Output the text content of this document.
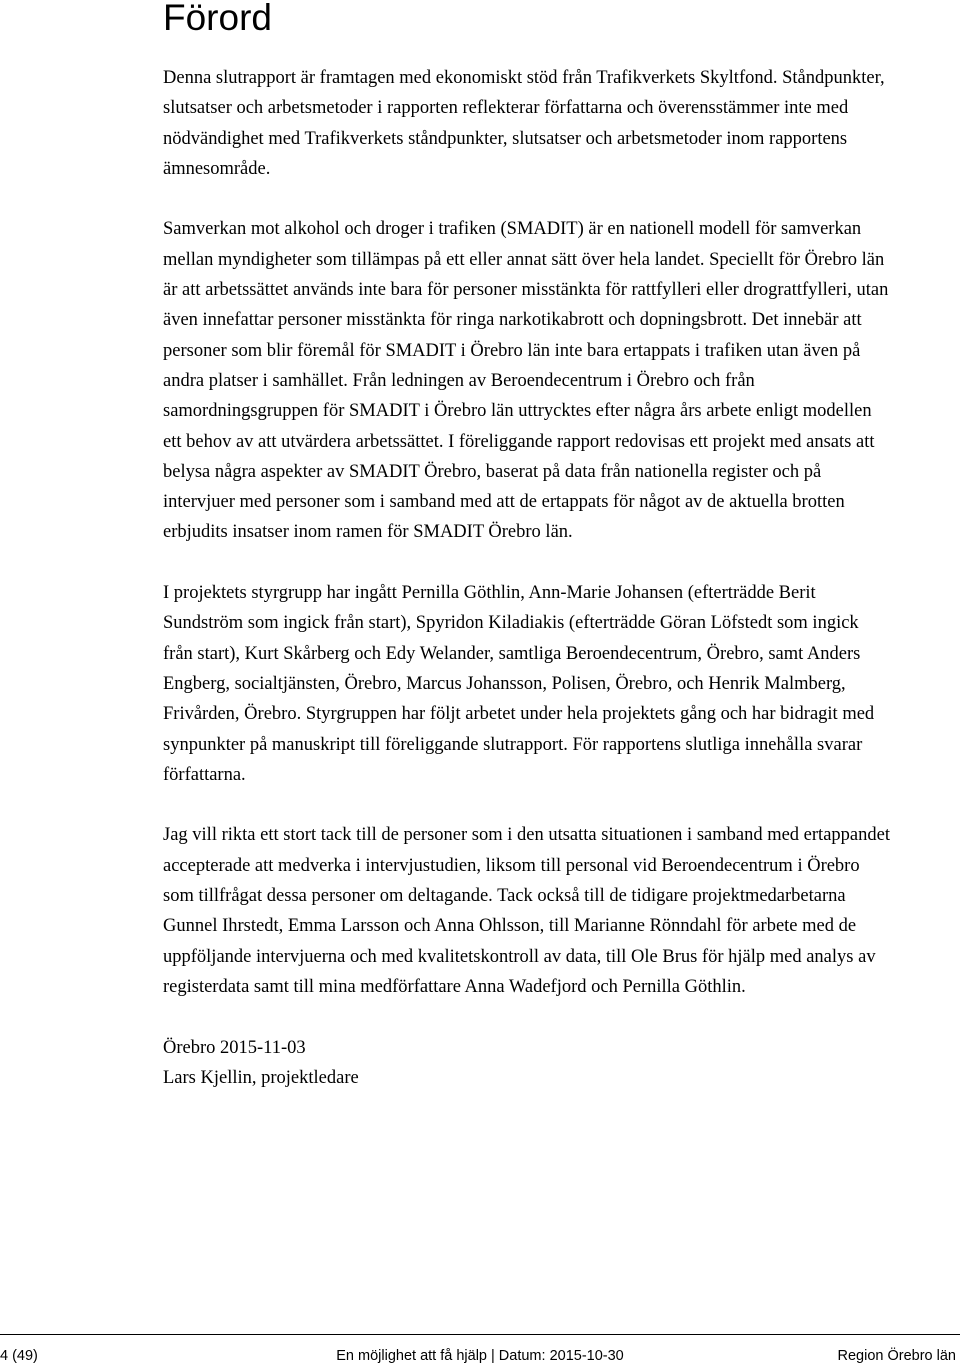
Förord

Denna slutrapport är framtagen med ekonomiskt stöd från Trafikverkets Skyltfond. Ståndpunkter, slutsatser och arbetsmetoder i rapporten reflekterar författarna och överensstämmer inte med nödvändighet med Trafikverkets ståndpunkter, slutsatser och arbetsmetoder inom rapportens ämnesområde.

Samverkan mot alkohol och droger i trafiken (SMADIT) är en nationell modell för samverkan mellan myndigheter som tillämpas på ett eller annat sätt över hela landet. Speciellt för Örebro län är att arbetssättet används inte bara för personer misstänkta för rattfylleri eller drograttfylleri, utan även innefattar personer misstänkta för ringa narkotikabrott och dopningsbrott. Det innebär att personer som blir föremål för SMADIT i Örebro län inte bara ertappats i trafiken utan även på andra platser i samhället. Från ledningen av Beroendecentrum i Örebro och från samordningsgruppen för SMADIT i Örebro län uttrycktes efter några års arbete enligt modellen ett behov av att utvärdera arbetssättet. I föreliggande rapport redovisas ett projekt med ansats att belysa några aspekter av SMADIT Örebro, baserat på data från nationella register och på intervjuer med personer som i samband med att de ertappats för något av de aktuella brotten erbjudits insatser inom ramen för SMADIT Örebro län.

I projektets styrgrupp har ingått Pernilla Göthlin, Ann-Marie Johansen (efterträdde Berit Sundström som ingick från start), Spyridon Kiladiakis (efterträdde Göran Löfstedt som ingick från start), Kurt Skårberg och Edy Welander, samtliga Beroendecentrum, Örebro, samt Anders Engberg, socialtjänsten, Örebro, Marcus Johansson, Polisen, Örebro, och Henrik Malmberg, Frivården, Örebro. Styrgruppen har följt arbetet under hela projektets gång och har bidragit med synpunkter på manuskript till föreliggande slutrapport. För rapportens slutliga innehålla svarar författarna.

Jag vill rikta ett stort tack till de personer som i den utsatta situationen i samband med ertappandet accepterade att medverka i intervjustudien, liksom till personal vid Beroendecentrum i Örebro som tillfrågat dessa personer om deltagande. Tack också till de tidigare projektmedarbetarna Gunnel Ihrstedt, Emma Larsson och Anna Ohlsson, till Marianne Rönndahl för arbete med de uppföljande intervjuerna och med kvalitetskontroll av data, till Ole Brus för hjälp med analys av registerdata samt till mina medförfattare Anna Wadefjord och Pernilla Göthlin.

Örebro 2015-11-03
Lars Kjellin, projektledare

4 (49)	En möjlighet att få hjälp | Datum: 2015-10-30	Region Örebro län
